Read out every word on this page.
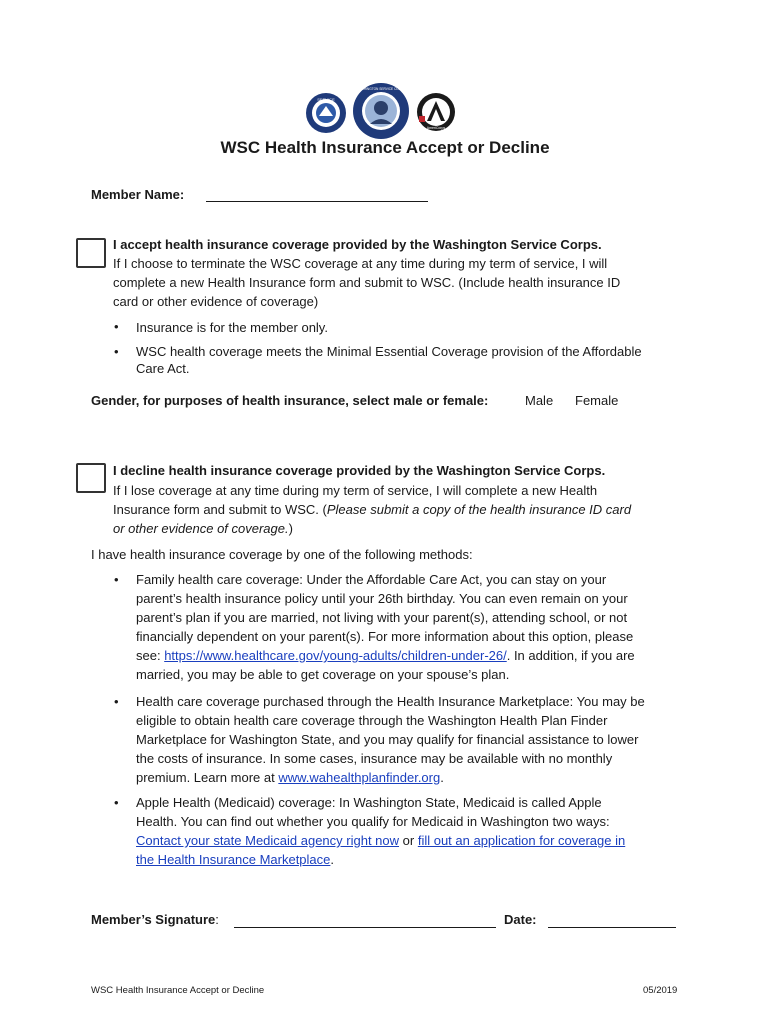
SERVICE
WASHINGTON SERVICE CORPS
AmeriCorps
WSC Health Insurance Accept or Decline
Member Name:
I accept health insurance coverage provided by the Washington Service Corps.
If I choose to terminate the WSC coverage at any time during my term of service, I will
complete a new Health Insurance form and submit to WSC. (Include health insurance ID
card or other evidence of coverage)
• Insurance is for the member only.
• WSC health coverage meets the Minimal Essential Coverage provision of the Affordable
Care Act.
Gender, for purposes of health insurance, select male or female:	Male Female
I decline health insurance coverage provided by the Washington Service Corps.
If I lose coverage at any time during my term of service, I will complete a new Health
Insurance form and submit to WSC. (Please submit a copy of the health insurance ID card
or other evidence of coverage.)
I have health insurance coverage by one of the following methods:
• Family health care coverage: Under the Affordable Care Act, you can stay on your
parent’s health insurance policy until your 26th birthday. You can even remain on your
parent’s plan if you are married, not living with your parent(s), attending school, or not
financially dependent on your parent(s). For more information about this option, please
see: https://www.healthcare.gov/young-adults/children-under-26/. In addition, if you are
married, you may be able to get coverage on your spouse’s plan.
• Health care coverage purchased through the Health Insurance Marketplace: You may be
eligible to obtain health care coverage through the Washington Health Plan Finder
Marketplace for Washington State, and you may qualify for financial assistance to lower
the costs of insurance. In some cases, insurance may be available with no monthly
premium. Learn more at www.wahealthplanfinder.org.
• Apple Health (Medicaid) coverage: In Washington State, Medicaid is called Apple
Health. You can find out whether you qualify for Medicaid in Washington two ways:
Contact your state Medicaid agency right now or fill out an application for coverage in
the Health Insurance Marketplace.
Member’s Signature:	Date:
WSC Health Insurance Accept or Decline	05/2019
